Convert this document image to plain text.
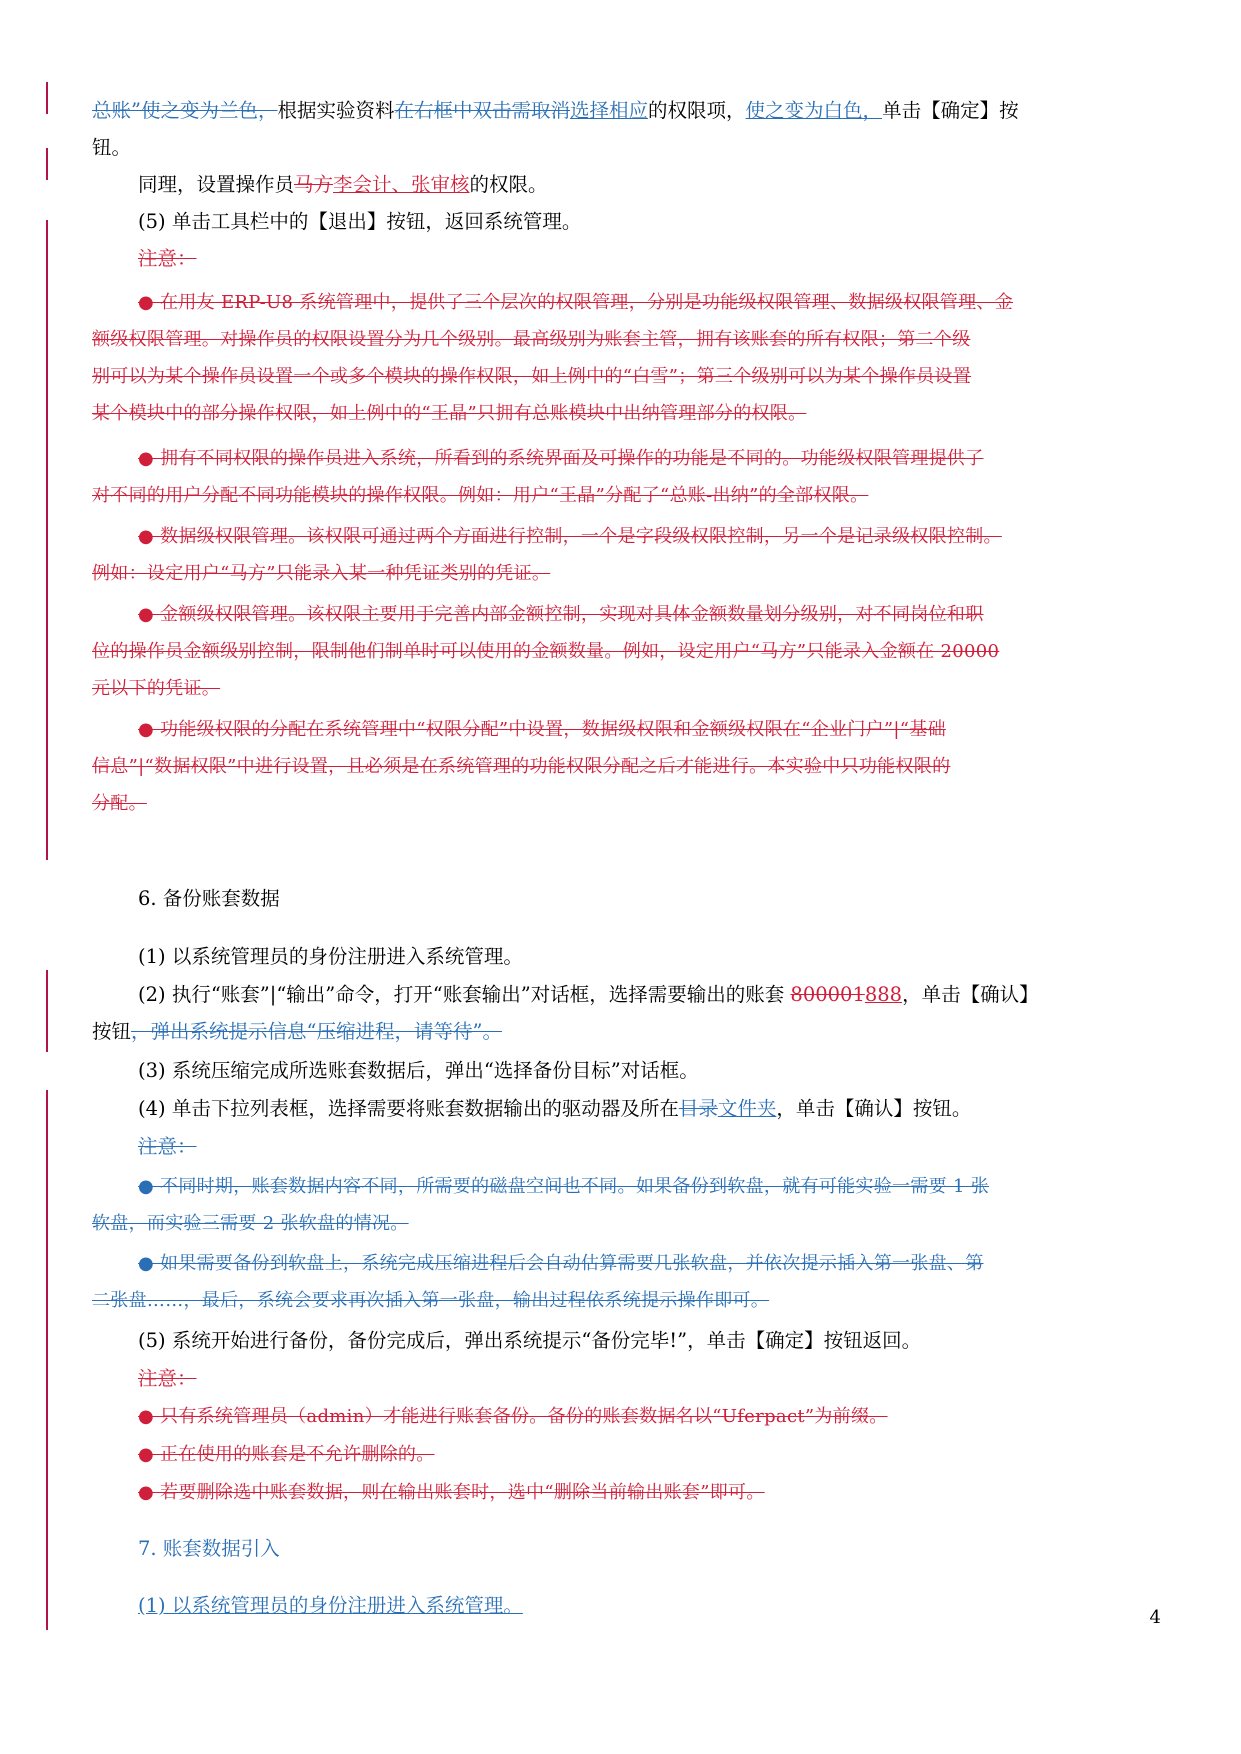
总账”使之变为兰色，根据实验资料在右框中双击需取消选择相应的权限项，使之变为白色，单击【确定】按
钮。
同理，设置操作员马方李会计、张审核的权限。
(5) 单击工具栏中的【退出】按钮，返回系统管理。
注意：
● 在用友 ERP-U8 系统管理中，提供了三个层次的权限管理，分别是功能级权限管理、数据级权限管理、金
额级权限管理。对操作员的权限设置分为几个级别。最高级别为账套主管，拥有该账套的所有权限；第二个级
别可以为某个操作员设置一个或多个模块的操作权限，如上例中的“白雪”；第三个级别可以为某个操作员设置
某个模块中的部分操作权限，如上例中的“王晶”只拥有总账模块中出纳管理部分的权限。
● 拥有不同权限的操作员进入系统，所看到的系统界面及可操作的功能是不同的。功能级权限管理提供了
对不同的用户分配不同功能模块的操作权限。例如：用户“王晶”分配了“总账-出纳”的全部权限。
● 数据级权限管理。该权限可通过两个方面进行控制，一个是字段级权限控制，另一个是记录级权限控制。
例如：设定用户“马方”只能录入某一种凭证类别的凭证。
● 金额级权限管理。该权限主要用于完善内部金额控制，实现对具体金额数量划分级别，对不同岗位和职
位的操作员金额级别控制，限制他们制单时可以使用的金额数量。例如，设定用户“马方”只能录入金额在 20000
元以下的凭证。
● 功能级权限的分配在系统管理中“权限分配”中设置，数据级权限和金额级权限在“企业门户”|“基础
信息”|“数据权限”中进行设置，且必须是在系统管理的功能权限分配之后才能进行。本实验中只功能权限的
分配。
6. 备份账套数据
(1) 以系统管理员的身份注册进入系统管理。
(2) 执行“账套”|“输出”命令，打开“账套输出”对话框，选择需要输出的账套 800001888，单击【确认】
按钮，弹出系统提示信息“压缩进程，请等待”。
(3) 系统压缩完成所选账套数据后，弹出“选择备份目标”对话框。
(4) 单击下拉列表框，选择需要将账套数据输出的驱动器及所在目录文件夹，单击【确认】按钮。
注意：
● 不同时期，账套数据内容不同，所需要的磁盘空间也不同。如果备份到软盘，就有可能实验一需要 1 张
软盘，而实验三需要 2 张软盘的情况。
● 如果需要备份到软盘上，系统完成压缩进程后会自动估算需要几张软盘，并依次提示插入第一张盘、第
二张盘……，最后，系统会要求再次插入第一张盘，输出过程依系统提示操作即可。
(5) 系统开始进行备份，备份完成后，弹出系统提示“备份完毕!”，单击【确定】按钮返回。
注意：
● 只有系统管理员（admin）才能进行账套备份。备份的账套数据名以“Uferpact”为前缀。
● 正在使用的账套是不允许删除的。
● 若要删除选中账套数据，则在输出账套时，选中“删除当前输出账套”即可。
7. 账套数据引入
(1) 以系统管理员的身份注册进入系统管理。
4
